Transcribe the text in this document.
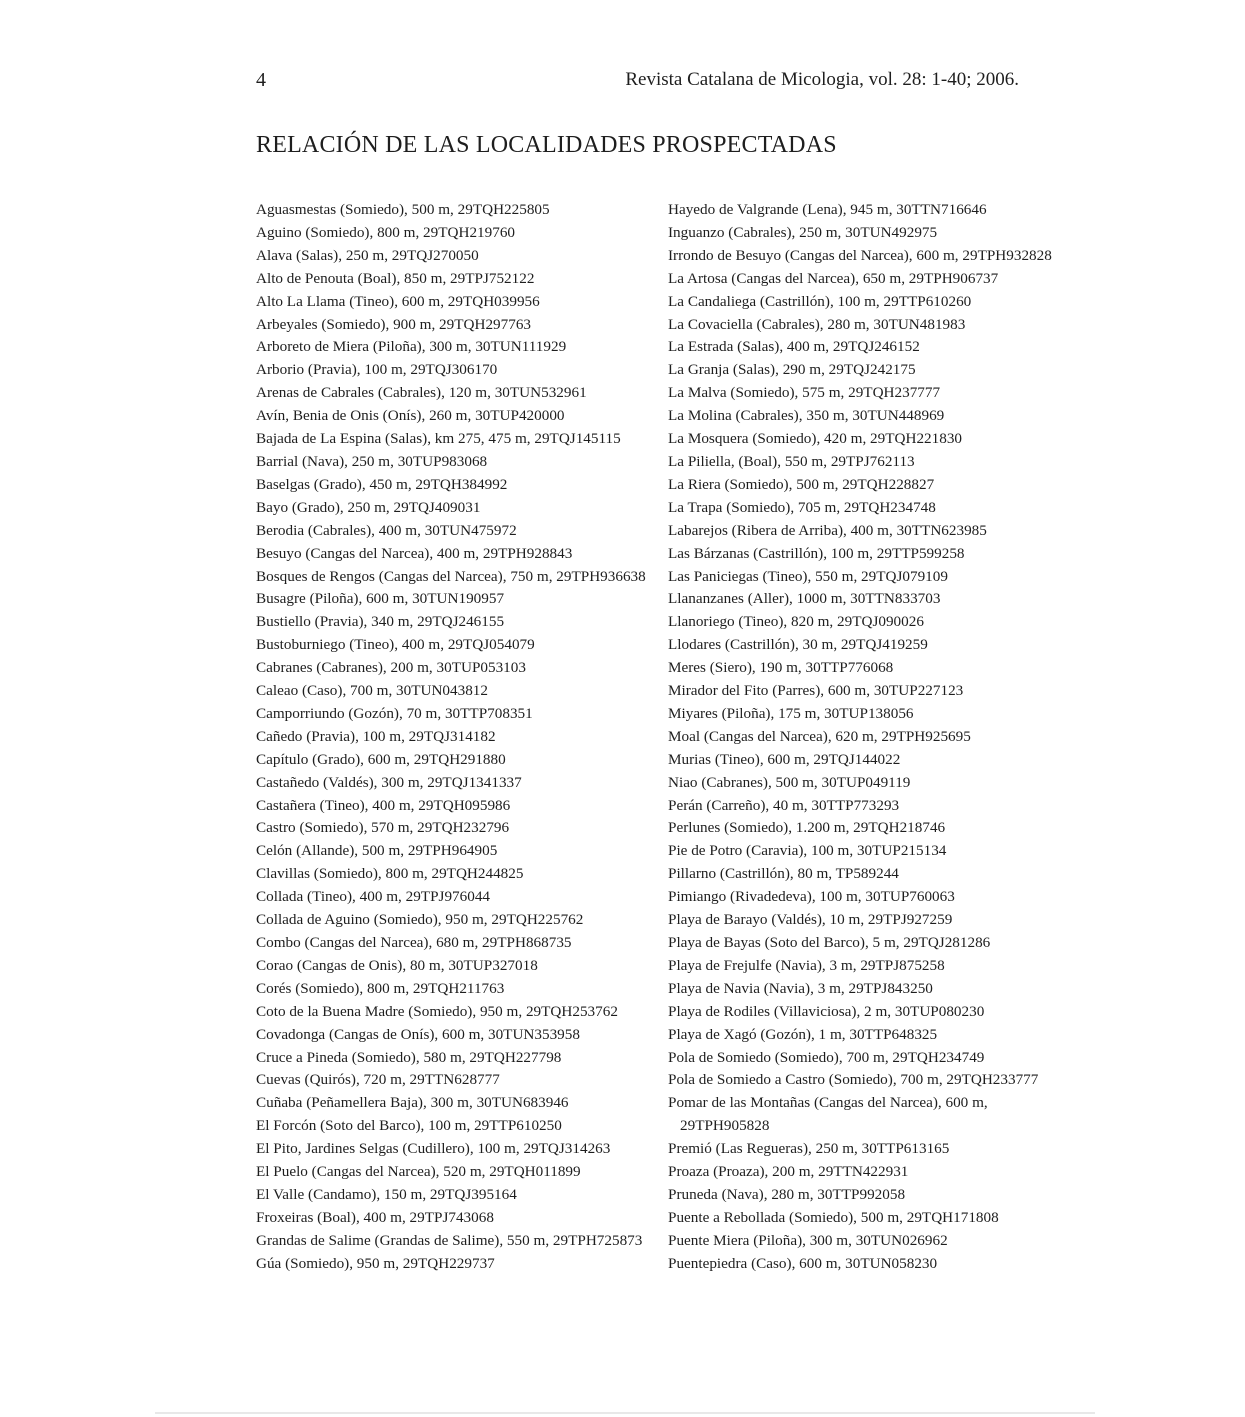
4	Revista Catalana de Micologia, vol. 28: 1-40; 2006.
RELACIÓN DE LAS LOCALIDADES PROSPECTADAS
Aguasmestas (Somiedo), 500 m, 29TQH225805
Aguino (Somiedo), 800 m, 29TQH219760
Alava (Salas), 250 m, 29TQJ270050
Alto de Penouta (Boal), 850 m, 29TPJ752122
Alto La Llama (Tineo), 600 m, 29TQH039956
Arbeyales (Somiedo), 900 m, 29TQH297763
Arboreto de Miera (Piloña), 300 m, 30TUN111929
Arborio (Pravia), 100 m, 29TQJ306170
Arenas de Cabrales (Cabrales), 120 m, 30TUN532961
Avín, Benia de Onis (Onís), 260 m, 30TUP420000
Bajada de La Espina (Salas), km 275, 475 m, 29TQJ145115
Barrial (Nava), 250 m, 30TUP983068
Baselgas (Grado), 450 m, 29TQH384992
Bayo (Grado), 250 m, 29TQJ409031
Berodia (Cabrales), 400 m, 30TUN475972
Besuyo (Cangas del Narcea), 400 m, 29TPH928843
Bosques de Rengos (Cangas del Narcea), 750 m, 29TPH936638
Busagre (Piloña), 600 m, 30TUN190957
Bustiello (Pravia), 340 m, 29TQJ246155
Bustoburniego (Tineo), 400 m, 29TQJ054079
Cabranes (Cabranes), 200 m, 30TUP053103
Caleao (Caso), 700 m, 30TUN043812
Camporriundo (Gozón), 70 m, 30TTP708351
Cañedo (Pravia), 100 m, 29TQJ314182
Capítulo (Grado), 600 m, 29TQH291880
Castañedo (Valdés), 300 m, 29TQJ1341337
Castañera (Tineo), 400 m, 29TQH095986
Castro (Somiedo), 570 m, 29TQH232796
Celón (Allande), 500 m, 29TPH964905
Clavillas (Somiedo), 800 m, 29TQH244825
Collada (Tineo), 400 m, 29TPJ976044
Collada de Aguino (Somiedo), 950 m, 29TQH225762
Combo (Cangas del Narcea), 680 m, 29TPH868735
Corao (Cangas de Onis), 80 m, 30TUP327018
Corés (Somiedo), 800 m, 29TQH211763
Coto de la Buena Madre (Somiedo), 950 m, 29TQH253762
Covadonga (Cangas de Onís), 600 m, 30TUN353958
Cruce a Pineda (Somiedo), 580 m, 29TQH227798
Cuevas (Quirós), 720 m, 29TTN628777
Cuñaba (Peñamellera Baja), 300 m, 30TUN683946
El Forcón (Soto del Barco), 100 m, 29TTP610250
El Pito, Jardines Selgas (Cudillero), 100 m, 29TQJ314263
El Puelo (Cangas del Narcea), 520 m, 29TQH011899
El Valle (Candamo), 150 m, 29TQJ395164
Froxeiras (Boal), 400 m, 29TPJ743068
Grandas de Salime (Grandas de Salime), 550 m, 29TPH725873
Gúa (Somiedo), 950 m, 29TQH229737
Hayedo de Valgrande (Lena), 945 m, 30TTN716646
Inguanzo (Cabrales), 250 m, 30TUN492975
Irrondo de Besuyo (Cangas del Narcea), 600 m, 29TPH932828
La Artosa (Cangas del Narcea), 650 m, 29TPH906737
La Candaliega (Castrillón), 100 m, 29TTP610260
La Covaciella (Cabrales), 280 m, 30TUN481983
La Estrada (Salas), 400 m, 29TQJ246152
La Granja (Salas), 290 m, 29TQJ242175
La Malva (Somiedo), 575 m, 29TQH237777
La Molina (Cabrales), 350 m, 30TUN448969
La Mosquera (Somiedo), 420 m, 29TQH221830
La Piliella, (Boal), 550 m, 29TPJ762113
La Riera (Somiedo), 500 m, 29TQH228827
La Trapa (Somiedo), 705 m, 29TQH234748
Labarejos (Ribera de Arriba), 400 m, 30TTN623985
Las Bárzanas (Castrillón), 100 m, 29TTP599258
Las Paniciegas (Tineo), 550 m, 29TQJ079109
Llananzanes (Aller), 1000 m, 30TTN833703
Llanoriego (Tineo), 820 m, 29TQJ090026
Llodares (Castrillón), 30 m, 29TQJ419259
Meres (Siero), 190 m, 30TTP776068
Mirador del Fito (Parres), 600 m, 30TUP227123
Miyares (Piloña), 175 m, 30TUP138056
Moal (Cangas del Narcea), 620 m, 29TPH925695
Murias (Tineo), 600 m, 29TQJ144022
Niao (Cabranes), 500 m, 30TUP049119
Perán (Carreño), 40 m, 30TTP773293
Perlunes (Somiedo), 1.200 m, 29TQH218746
Pie de Potro (Caravia), 100 m, 30TUP215134
Pillarno (Castrillón), 80 m, TP589244
Pimiango (Rivadedeva), 100 m, 30TUP760063
Playa de Barayo (Valdés), 10 m, 29TPJ927259
Playa de Bayas (Soto del Barco), 5 m, 29TQJ281286
Playa de Frejulfe (Navia), 3 m, 29TPJ875258
Playa de Navia (Navia), 3 m, 29TPJ843250
Playa de Rodiles (Villaviciosa), 2 m, 30TUP080230
Playa de Xagó (Gozón), 1 m, 30TTP648325
Pola de Somiedo (Somiedo), 700 m, 29TQH234749
Pola de Somiedo a Castro (Somiedo), 700 m, 29TQH233777
Pomar de las Montañas (Cangas del Narcea), 600 m, 29TPH905828
Premió (Las Regueras), 250 m, 30TTP613165
Proaza (Proaza), 200 m, 29TTN422931
Pruneda (Nava), 280 m, 30TTP992058
Puente a Rebollada (Somiedo), 500 m, 29TQH171808
Puente Miera (Piloña), 300 m, 30TUN026962
Puentepiedra (Caso), 600 m, 30TUN058230
